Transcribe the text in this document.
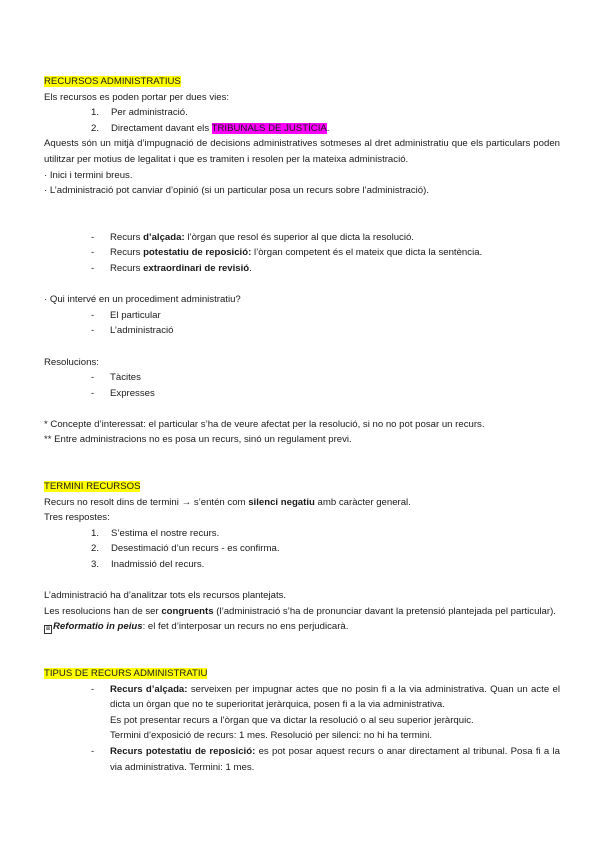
RECURSOS ADMINISTRATIUS
Els recursos es poden portar per dues vies:
1. Per administració.
2. Directament davant els TRIBUNALS DE JUSTÍCIA.
Aquests són un mitjà d’impugnació de decisions administratives sotmeses al dret administratiu que els particulars poden utilitzar per motius de legalitat i que es tramiten i resolen per la mateixa administració.
· Inici i termini breus.
· L’administració pot canviar d’opinió (si un particular posa un recurs sobre l’administració).
- Recurs d’alçada: l’òrgan que resol és superior al que dicta la resolució.
- Recurs potestatiu de reposició: l’òrgan competent és el mateix que dicta la sentència.
- Recurs extraordinari de revisió.
· Qui intervé en un procediment administratiu?
- El particular
- L’administració
Resolucions:
- Tàcites
- Expresses
* Concepte d’interessat: el particular s’ha de veure afectat per la resolució, si no no pot posar un recurs.
** Entre administracions no es posa un recurs, sinó un regulament previ.
TERMINI RECURSOS
Recurs no resolt dins de termini → s’entén com silenci negatiu amb caràcter general.
Tres respostes:
1. S’estima el nostre recurs.
2. Desestimació d’un recurs - es confirma.
3. Inadmissió del recurs.
L’administració ha d’analitzar tots els recursos plantejats.
Les resolucions han de ser congruents (l’administració s’ha de pronunciar davant la pretensió plantejada pel particular).
⊠ Reformatio in peius: el fet d’interposar un recurs no ens perjudicarà.
TIPUS DE RECURS ADMINISTRATIU
-	Recurs d’alçada: serveixen per impugnar actes que no posin fi a la via administrativa. Quan un acte el dicta un òrgan que no te superioritat jeràrquica, posen fi a la via administrativa.
Es pot presentar recurs a l’òrgan que va dictar la resolució o al seu superior jeràrquic.
Termini d’exposició de recurs: 1 mes. Resolució per silenci: no hi ha termini.
-	Recurs potestatiu de reposició: es pot posar aquest recurs o anar directament al tribunal. Posa fi a la via administrativa. Termini: 1 mes.
